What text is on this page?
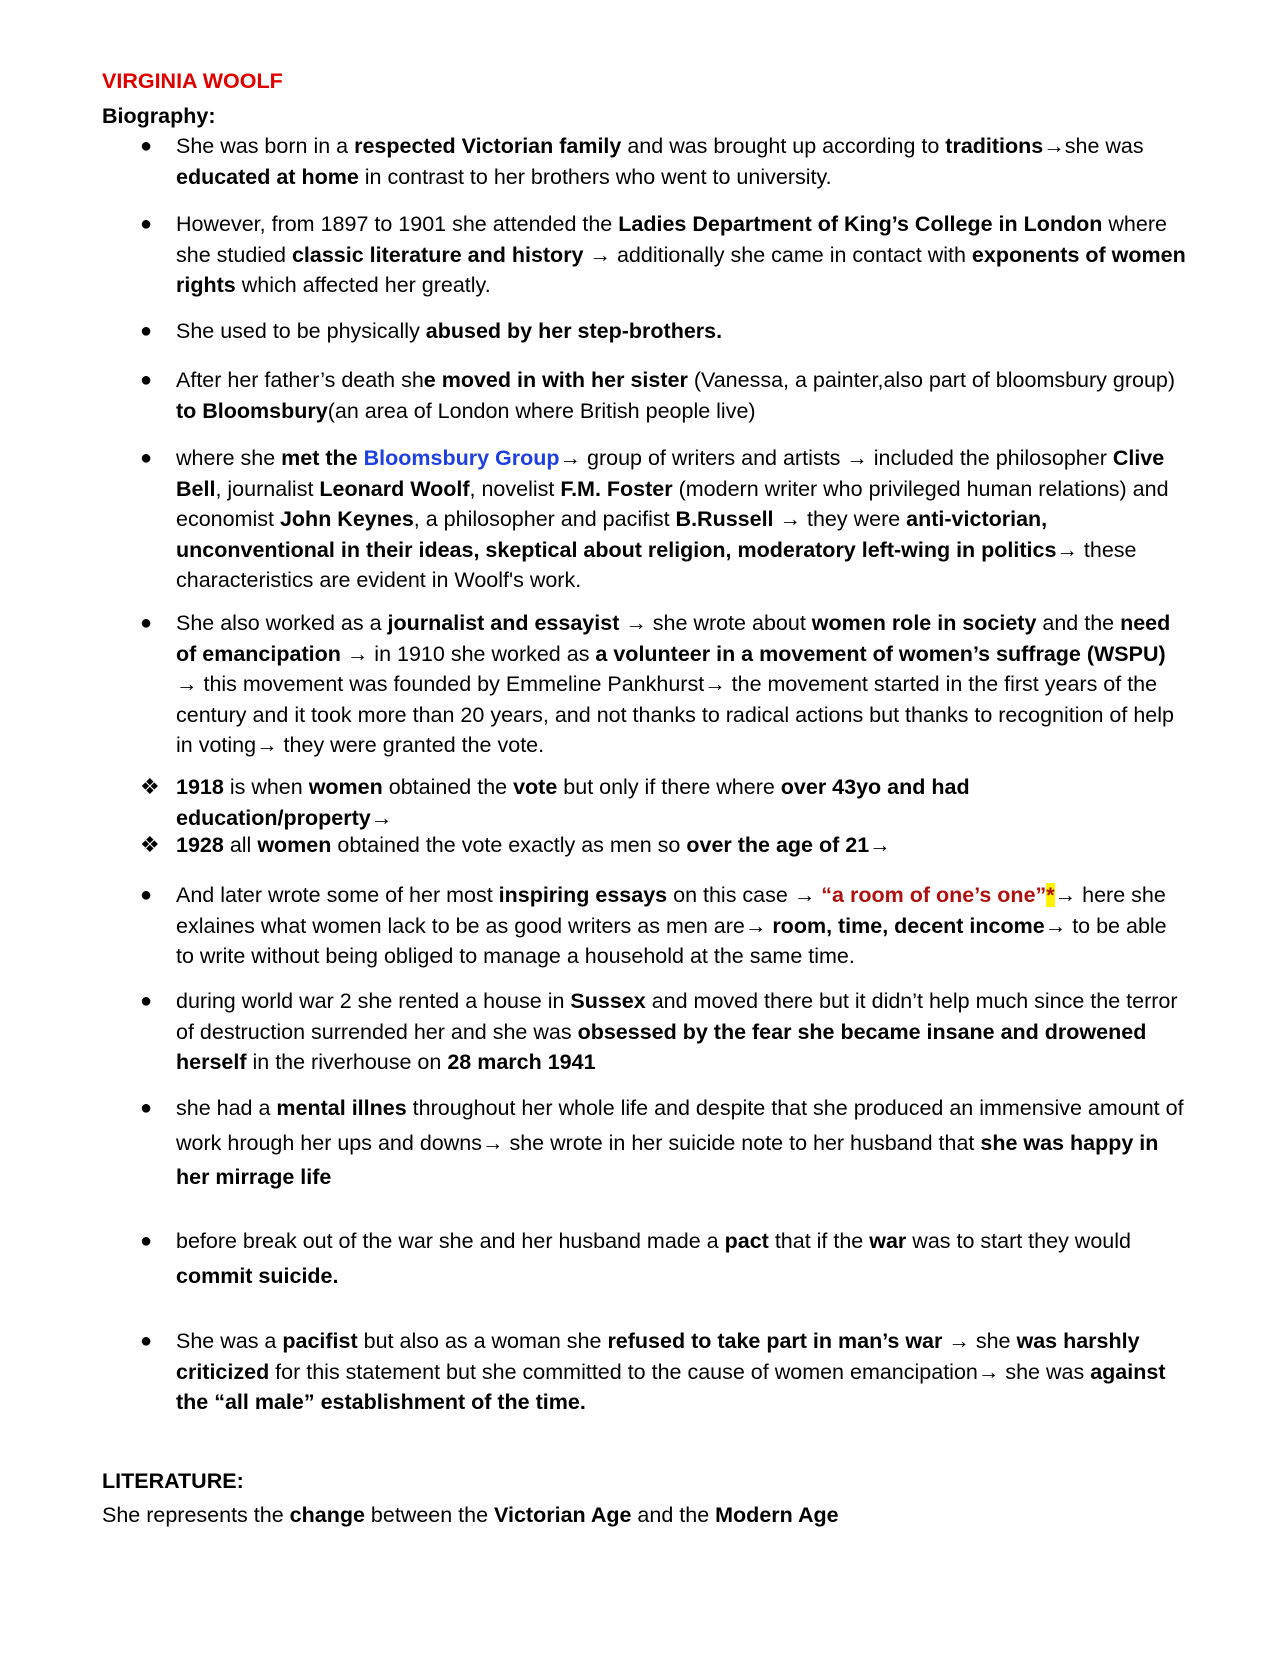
VIRGINIA WOOLF
Biography:
● She was born in a respected Victorian family and was brought up according to traditions→she was educated at home in contrast to her brothers who went to university.
● However, from 1897 to 1901 she attended the Ladies Department of King’s College in London where she studied classic literature and history → additionally she came in contact with exponents of women rights which affected her greatly.
● She used to be physically abused by her step-brothers.
● After her father’s death she moved in with her sister (Vanessa, a painter,also part of bloomsbury group) to Bloomsbury(an area of London where British people live)
● where she met the Bloomsbury Group→ group of writers and artists → included the philosopher Clive Bell, journalist Leonard Woolf, novelist F.M. Foster (modern writer who privileged human relations) and economist John Keynes, a philosopher and pacifist B.Russell → they were anti-victorian, unconventional in their ideas, skeptical about religion, moderatory left-wing in politics→ these characteristics are evident in Woolf's work.
● She also worked as a journalist and essayist → she wrote about women role in society and the need of emancipation → in 1910 she worked as a volunteer in a movement of women’s suffrage (WSPU) → this movement was founded by Emmeline Pankhurst→ the movement started in the first years of the century and it took more than 20 years, and not thanks to radical actions but thanks to recognition of help in voting→ they were granted the vote.
❖ 1918 is when women obtained the vote but only if there where over 43yo and had education/property→
❖ 1928 all women obtained the vote exactly as men so over the age of 21→
● And later wrote some of her most inspiring essays on this case → “a room of one’s one”*→ here she exlaines what women lack to be as good writers as men are→ room, time, decent income→ to be able to write without being obliged to manage a household at the same time.
● during world war 2 she rented a house in Sussex and moved there but it didn’t help much since the terror of destruction surrended her and she was obsessed by the fear she became insane and drowened herself in the riverhouse on 28 march 1941
● she had a mental illnes throughout her whole life and despite that she produced an immensive amount of work hrough her ups and downs→ she wrote in her suicide note to her husband that she was happy in her mirrage life
● before break out of the war she and her husband made a pact that if the war was to start they would commit suicide.
● She was a pacifist but also as a woman she refused to take part in man’s war → she was harshly criticized for this statement but she committed to the cause of women emancipation→ she was against the “all male” establishment of the time.
LITERATURE:
She represents the change between the Victorian Age and the Modern Age
